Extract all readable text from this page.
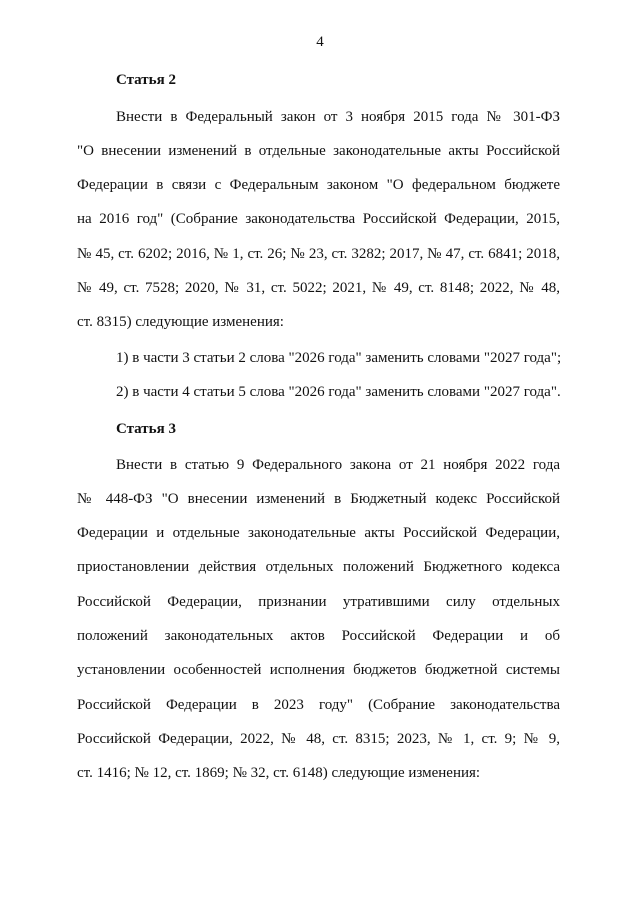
4
Статья 2
Внести в Федеральный закон от 3 ноября 2015 года № 301-ФЗ
"О внесении изменений в отдельные законодательные акты Российской
Федерации в связи с Федеральным законом "О федеральном бюджете
на 2016 год" (Собрание законодательства Российской Федерации, 2015,
№ 45, ст. 6202; 2016, № 1, ст. 26; № 23, ст. 3282; 2017, № 47, ст. 6841; 2018,
№ 49, ст. 7528; 2020, № 31, ст. 5022; 2021, № 49, ст. 8148; 2022, № 48,
ст. 8315) следующие изменения:
1) в части 3 статьи 2 слова "2026 года" заменить словами "2027 года";
2) в части 4 статьи 5 слова "2026 года" заменить словами "2027 года".
Статья 3
Внести в статью 9 Федерального закона от 21 ноября 2022 года
№ 448-ФЗ "О внесении изменений в Бюджетный кодекс Российской
Федерации и отдельные законодательные акты Российской Федерации,
приостановлении действия отдельных положений Бюджетного кодекса
Российской Федерации, признании утратившими силу отдельных
положений законодательных актов Российской Федерации и об
установлении особенностей исполнения бюджетов бюджетной системы
Российской Федерации в 2023 году" (Собрание законодательства
Российской Федерации, 2022, № 48, ст. 8315; 2023, № 1, ст. 9; № 9,
ст. 1416; № 12, ст. 1869; № 32, ст. 6148) следующие изменения:
